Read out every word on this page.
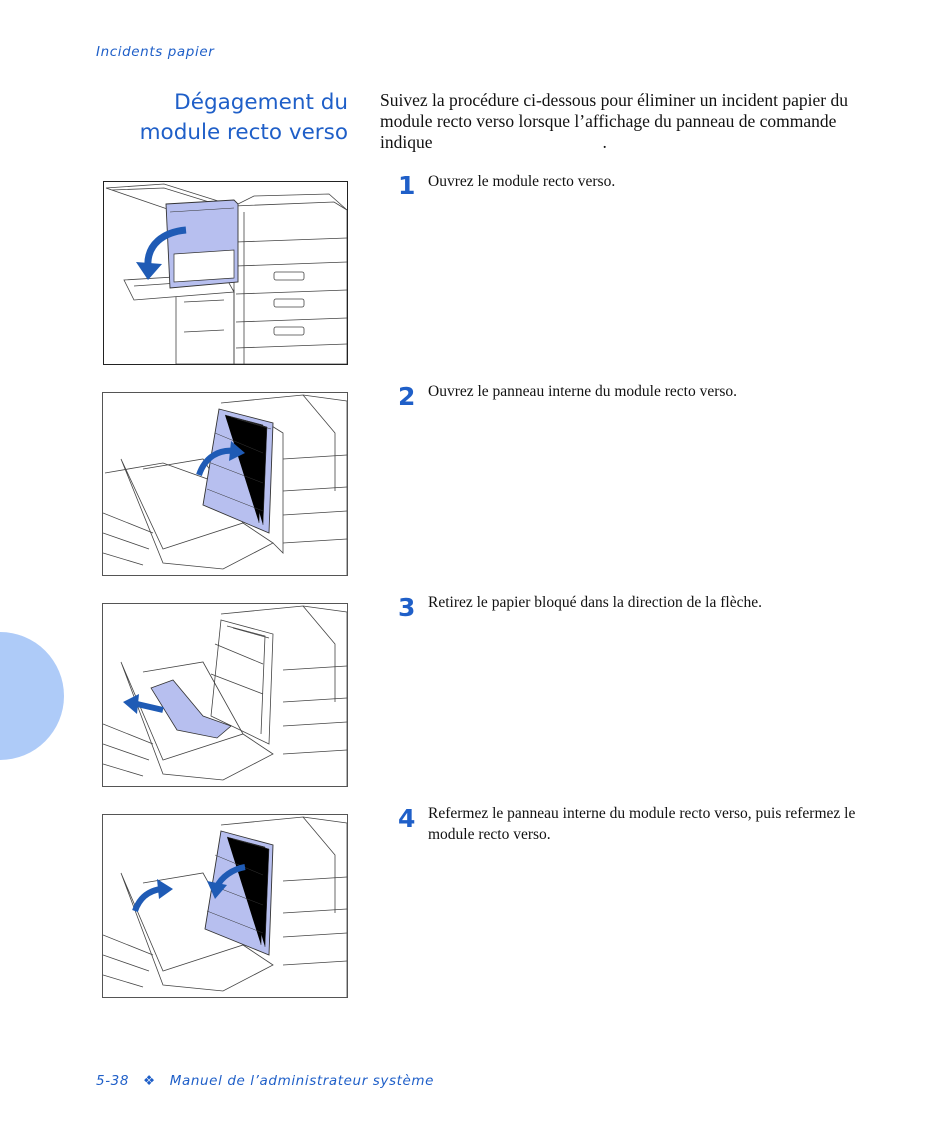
Incidents papier
Dégagement du
module recto verso
Suivez la procédure ci-dessous pour éliminer un incident papier du module recto verso lorsque l’affichage du panneau de commande indique	.
1 Ouvrez le module recto verso.
2 Ouvrez le panneau interne du module recto verso.
3 Retirez le papier bloqué dans la direction de la flèche.
4 Refermez le panneau interne du module recto verso, puis refermez le module recto verso.
5-38 ❖ Manuel de l’administrateur système
